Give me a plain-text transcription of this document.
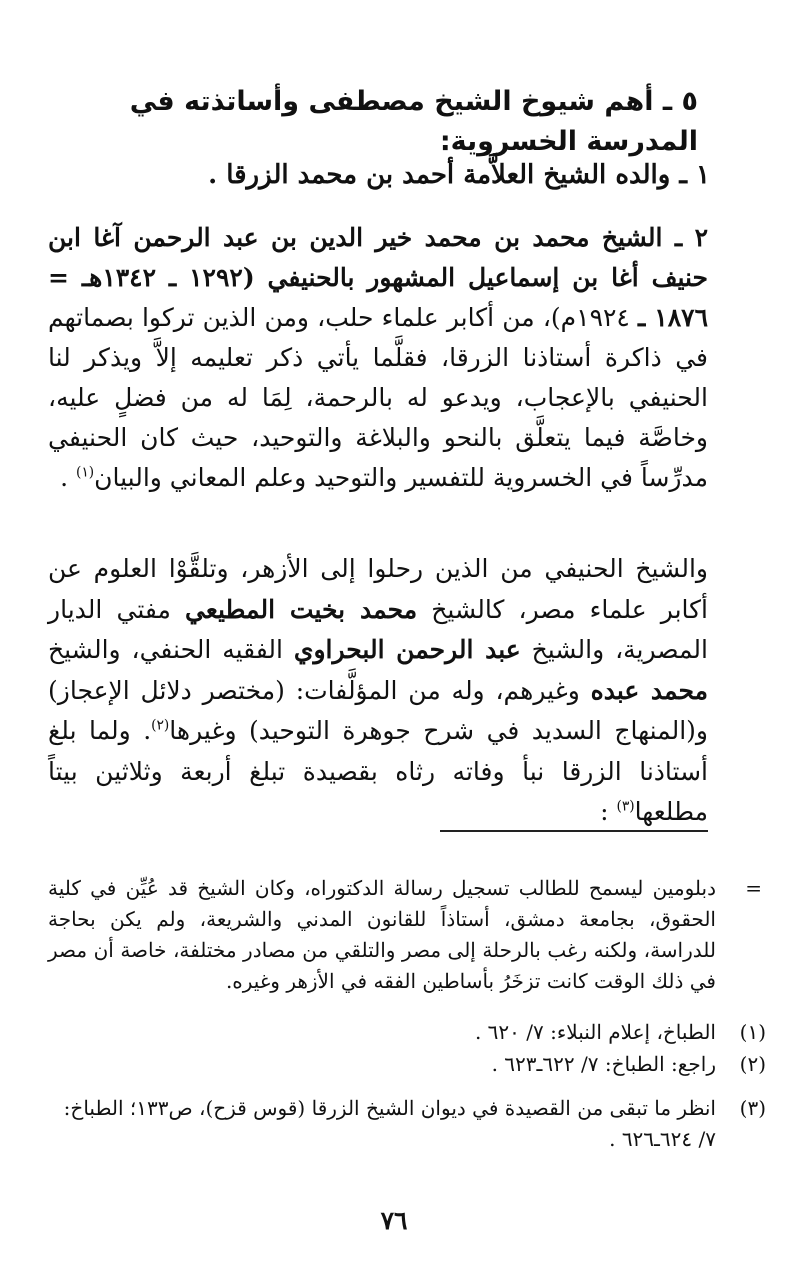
٥ ـ أهم شيوخ الشيخ مصطفى وأساتذته في المدرسة الخسروية:
١ ـ والده الشيخ العلاَّمة أحمد بن محمد الزرقا .
٢ ـ الشيخ محمد بن محمد خير الدين بن عبد الرحمن آغا ابن حنيف أغا بن إسماعيل المشهور بالحنيفي (١٢٩٢ ـ ١٣٤٢هـ = ١٨٧٦ ـ ١٩٢٤م)، من أكابر علماء حلب، ومن الذين تركوا بصماتهم في ذاكرة أستاذنا الزرقا، فقلَّما يأتي ذكر تعليمه إلاَّ ويذكر لنا الحنيفي بالإعجاب، ويدعو له بالرحمة، لِمَا له من فضلٍ عليه، وخاصَّة فيما يتعلَّق بالنحو والبلاغة والتوحيد، حيث كان الحنيفي مدرِّساً في الخسروية للتفسير والتوحيد وعلم المعاني والبيان$^{(١)}$ .
والشيخ الحنيفي من الذين رحلوا إلى الأزهر، وتلقَّوْا العلوم عن أكابر علماء مصر، كالشيخ محمد بخيت المطيعي مفتي الديار المصرية، والشيخ عبد الرحمن البحراوي الفقيه الحنفي، والشيخ محمد عبده وغيرهم، وله من المؤلَّفات: (مختصر دلائل الإعجاز) و(المنهاج السديد في شرح جوهرة التوحيد) وغيرها$^{(٢)}$. ولما بلغ أستاذنا الزرقا نبأ وفاته رثاه بقصيدة تبلغ أربعة وثلاثين بيتاً مطلعها$^{(٣)}$ :
=
دبلومين ليسمح للطالب تسجيل رسالة الدكتوراه، وكان الشيخ قد عُيِّن في كلية الحقوق، بجامعة دمشق، أستاذاً للقانون المدني والشريعة، ولم يكن بحاجة للدراسة، ولكنه رغب بالرحلة إلى مصر والتلقي من مصادر مختلفة، خاصة أن مصر في ذلك الوقت كانت تزخَرُ بأساطين الفقه في الأزهر وغيره.
(١)
الطباخ، إعلام النبلاء: ٧/ ٦٢٠ .
(٢)
راجع: الطباخ: ٧/ ٦٢٢ـ٦٢٣ .
(٣)
انظر ما تبقى من القصيدة في ديوان الشيخ الزرقا (قوس قزح)، ص١٣٣؛ الطباخ: ٧/ ٦٢٤ـ٦٢٦ .
٧٦
